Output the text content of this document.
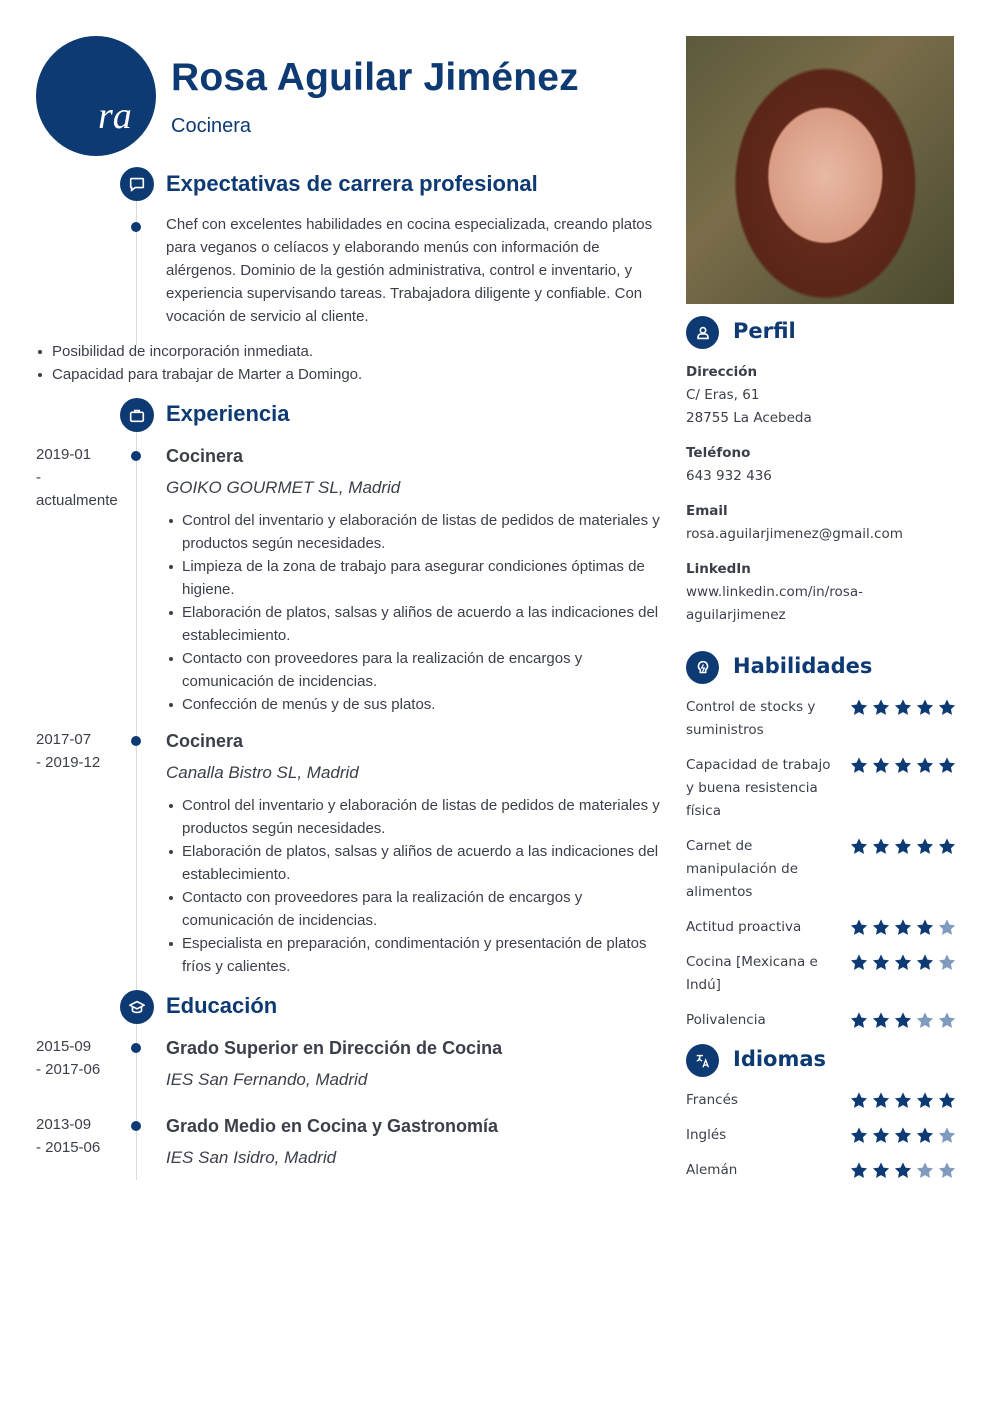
ra
Rosa Aguilar Jiménez
Cocinera
Expectativas de carrera profesional
Chef con excelentes habilidades en cocina especializada, creando platos para veganos o celíacos y elaborando menús con información de alérgenos. Dominio de la gestión administrativa, control e inventario, y experiencia supervisando tareas. Trabajadora diligente y confiable. Con vocación de servicio al cliente.
Posibilidad de incorporación inmediata.
Capacidad para trabajar de Marter a Domingo.
Experiencia
2019-01
-
actualmente
Cocinera
GOIKO GOURMET SL, Madrid
Control del inventario y elaboración de listas de pedidos de materiales y productos según necesidades.
Limpieza de la zona de trabajo para asegurar condiciones óptimas de higiene.
Elaboración de platos, salsas y aliños de acuerdo a las indicaciones del establecimiento.
Contacto con proveedores para la realización de encargos y comunicación de incidencias.
Confección de menús y de sus platos.
2017-07
- 2019-12
Cocinera
Canalla Bistro SL, Madrid
Control del inventario y elaboración de listas de pedidos de materiales y productos según necesidades.
Elaboración de platos, salsas y aliños de acuerdo a las indicaciones del establecimiento.
Contacto con proveedores para la realización de encargos y comunicación de incidencias.
Especialista en preparación, condimentación y presentación de platos fríos y calientes.
Educación
2015-09
- 2017-06
Grado Superior en Dirección de Cocina
IES San Fernando, Madrid
2013-09
- 2015-06
Grado Medio en Cocina y Gastronomía
IES San Isidro, Madrid
Perfil
Dirección
C/ Eras, 61
28755 La Acebeda
Teléfono
643 932 436
Email
rosa.aguilarjimenez@gmail.com
LinkedIn
www.linkedin.com/in/rosa-
aguilarjimenez
Habilidades
Control de stocks y suministros
Capacidad de trabajo y buena resistencia física
Carnet de manipulación de alimentos
Actitud proactiva
Cocina [Mexicana e Indú]
Polivalencia
Idiomas
Francés
Inglés
Alemán
